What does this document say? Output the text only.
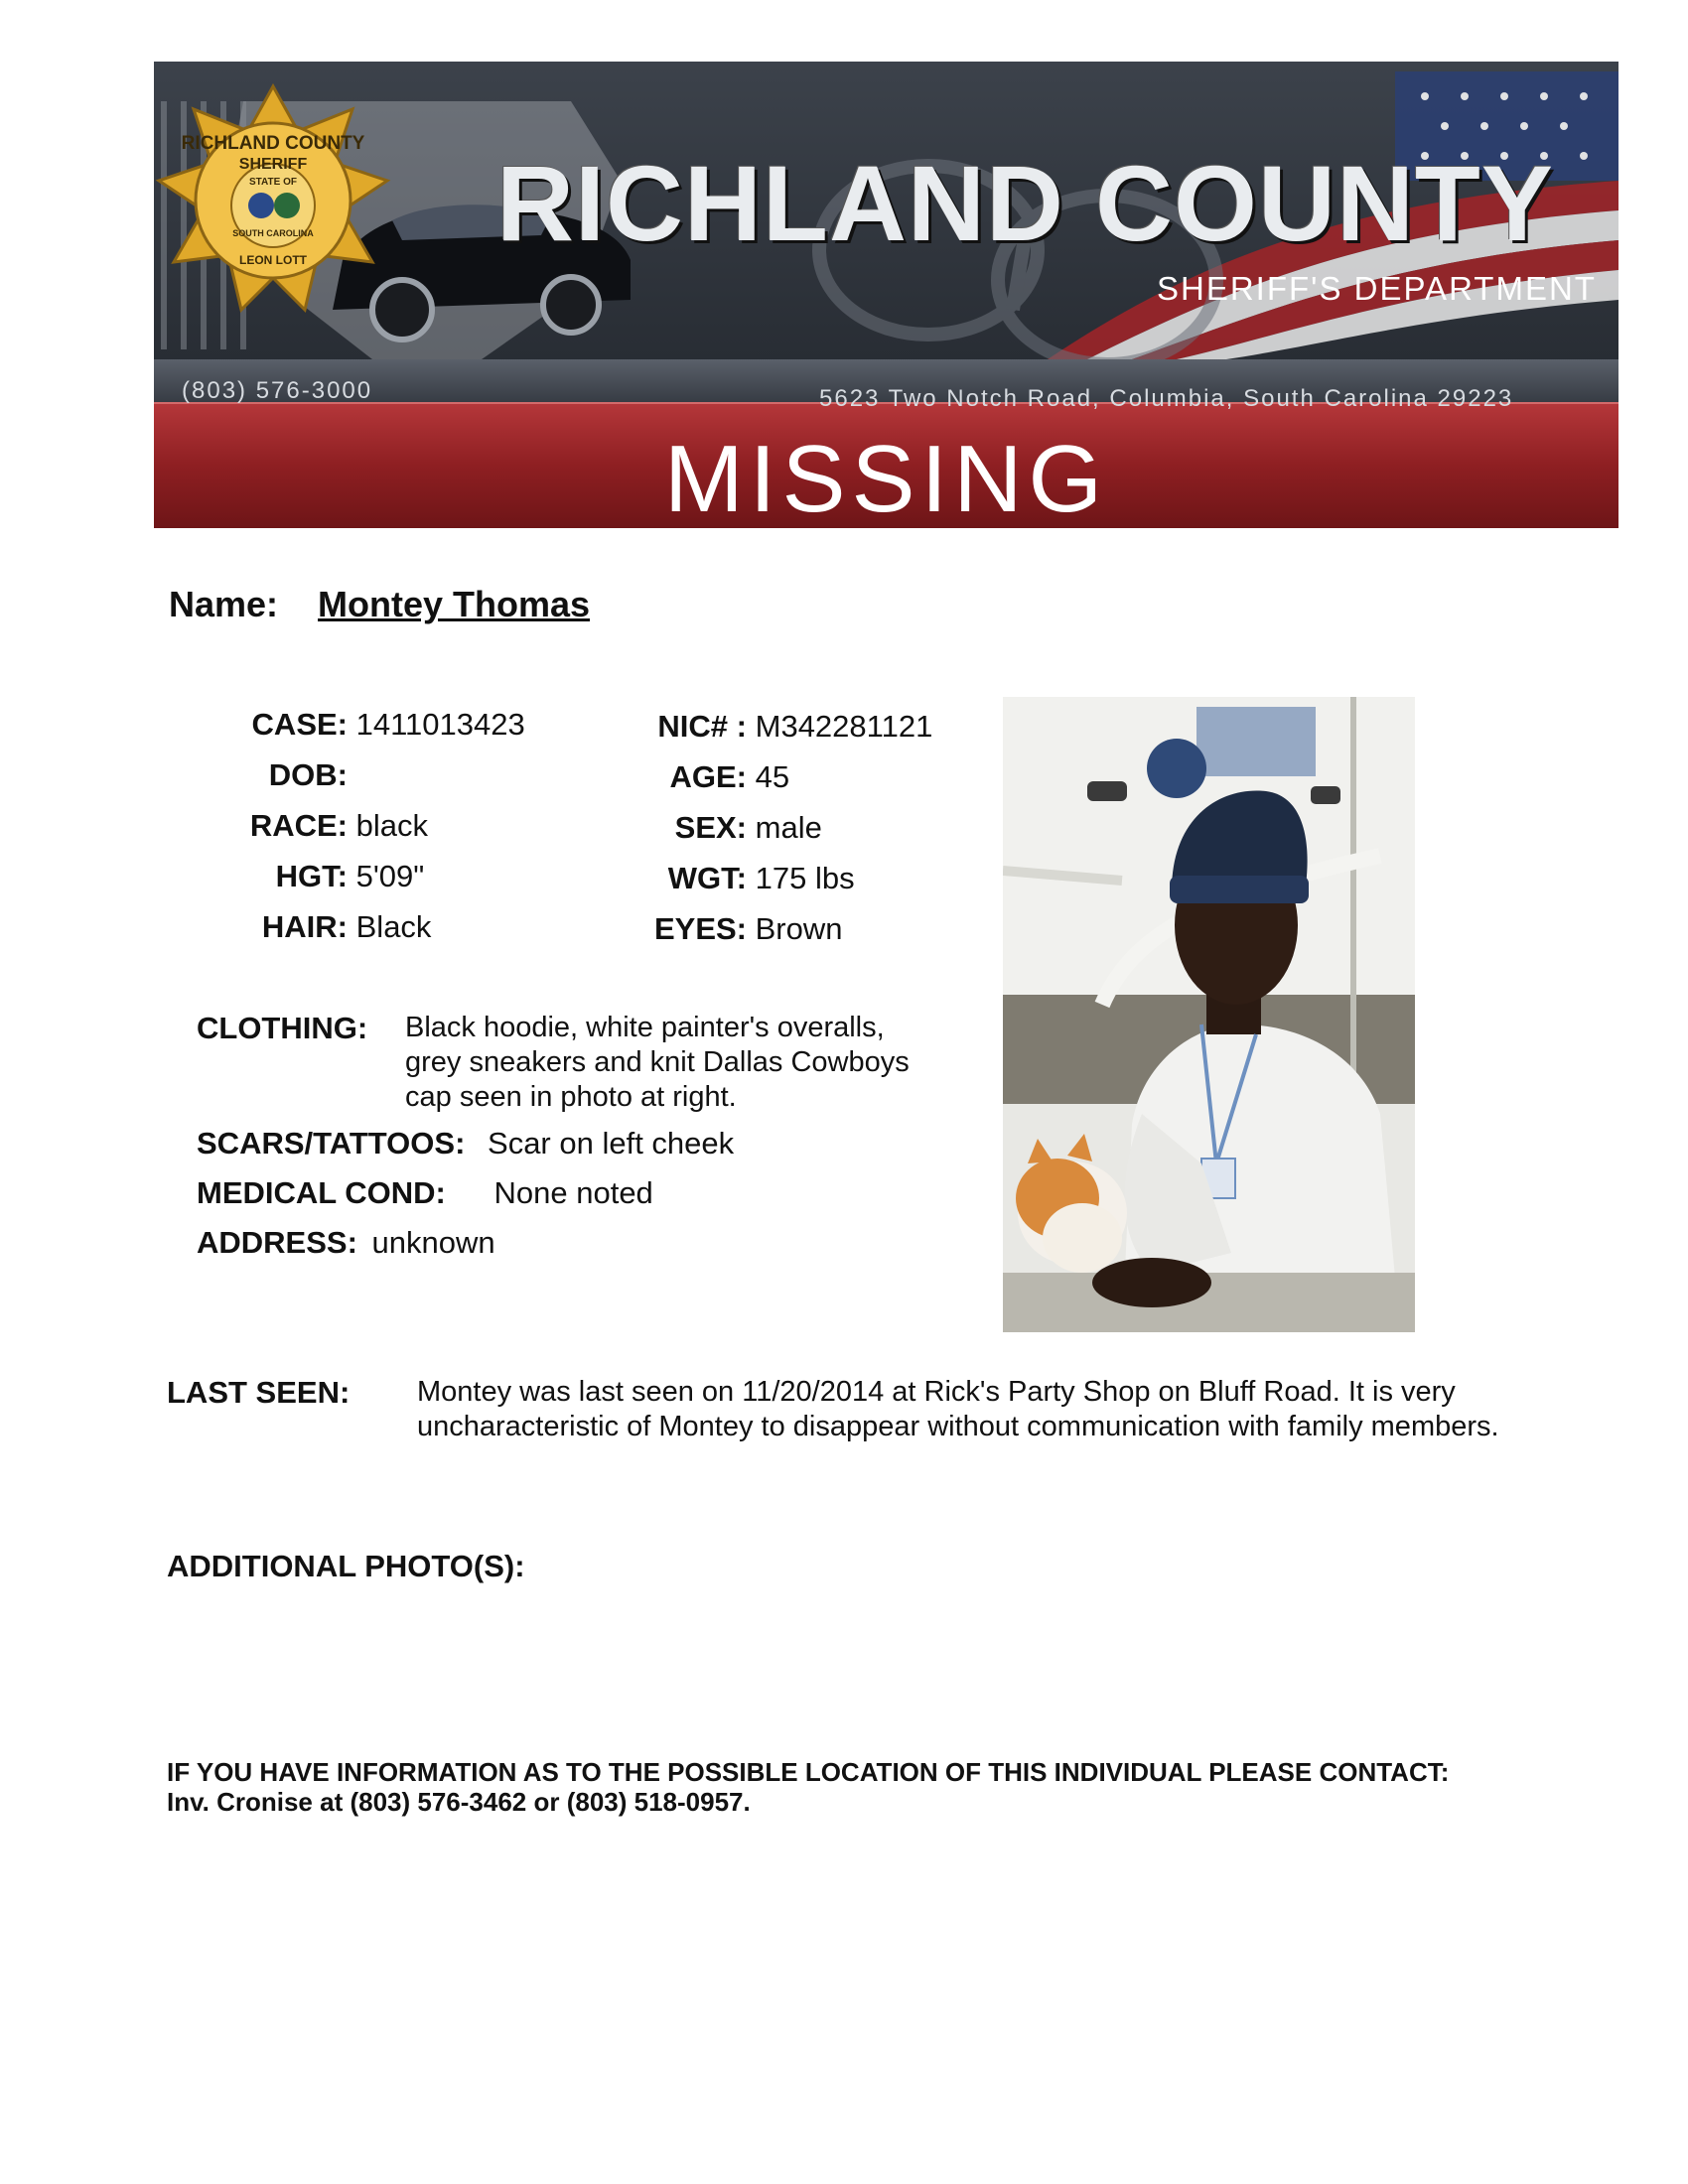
RICHLAND COUNTY
SHERIFF
STATE OF
SOUTH CAROLINA
LEON LOTT RICHLAND COUNTY
SHERIFF'S DEPARTMENT
(803) 576-3000	5623 Two Notch Road, Columbia, South Carolina 29223
MISSING
Name: Montey Thomas
CASE: 1411013423
DOB:
RACE: black
HGT: 5'09"
HAIR: Black
NIC# : M342281121
AGE: 45
SEX: male
WGT: 175 lbs
EYES: Brown
CLOTHING: Black hoodie, white painter's overalls,
grey sneakers and knit Dallas Cowboys
cap seen in photo at right.
SCARS/TATTOOS: Scar on left cheek
MEDICAL COND: None noted
ADDRESS: unknown
LAST SEEN: Montey was last seen on 11/20/2014 at Rick's Party Shop on Bluff Road. It is very
uncharacteristic of Montey to disappear without communication with family members.
ADDITIONAL PHOTO(S):
IF YOU HAVE INFORMATION AS TO THE POSSIBLE LOCATION OF THIS INDIVIDUAL PLEASE CONTACT:
Inv. Cronise at (803) 576-3462 or (803) 518-0957.
